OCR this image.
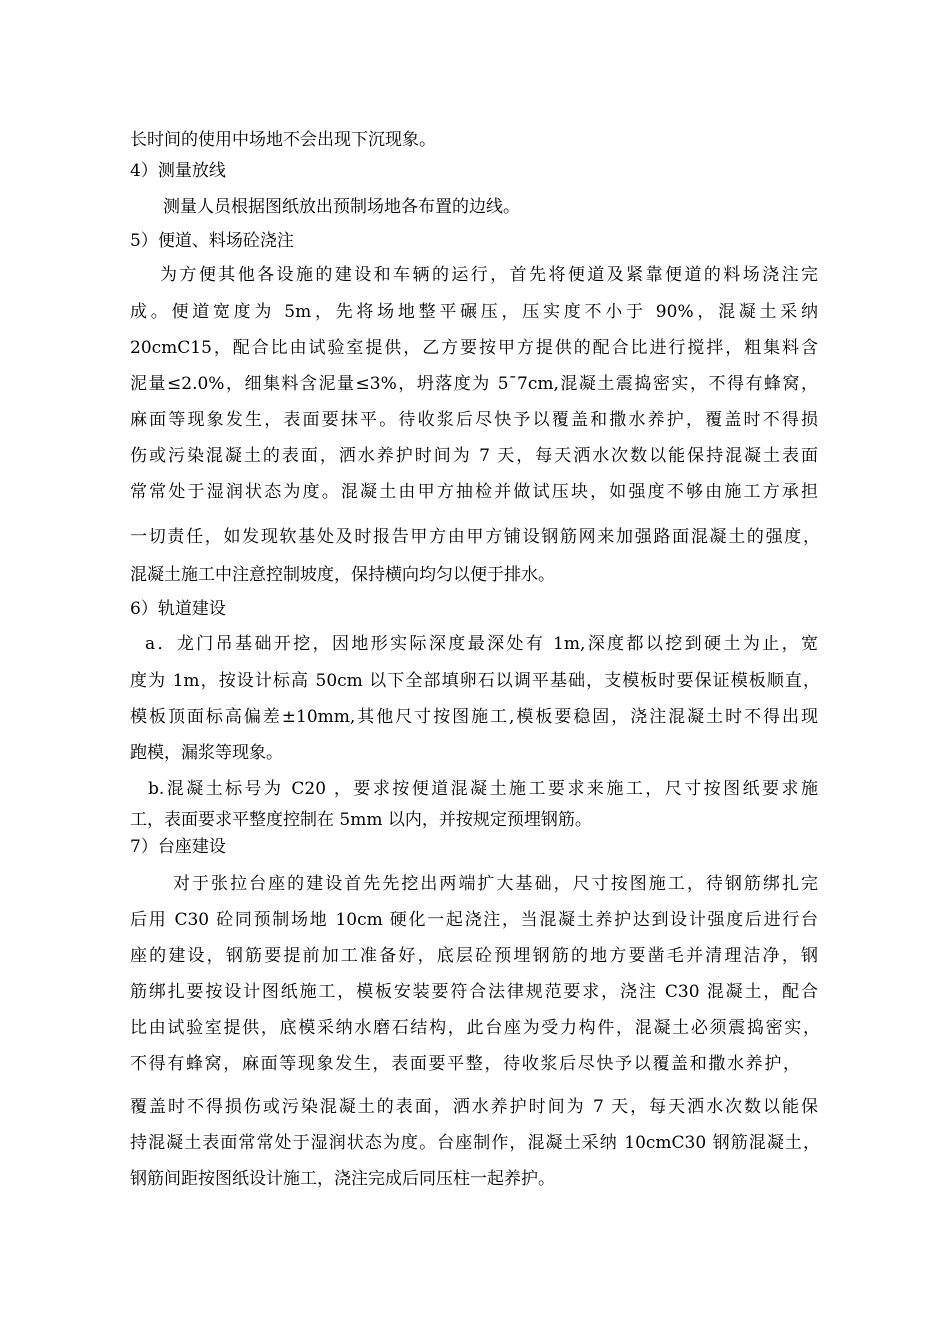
长时间的使用中场地不会出现下沉现象。
4）测量放线
测量人员根据图纸放出预制场地各布置的边线。
5）便道、料场砼浇注
为方便其他各设施的建设和车辆的运行，首先将便道及紧靠便道的料场浇注完
成。便道宽度为 5m，先将场地整平碾压，压实度不小于 90%，混凝土采纳
20cmC15，配合比由试验室提供，乙方要按甲方提供的配合比进行搅拌，粗集料含
泥量≤2.0%，细集料含泥量≤3%，坍落度为 5¯7cm,混凝土震捣密实，不得有蜂窝，
麻面等现象发生，表面要抹平。待收浆后尽快予以覆盖和撒水养护，覆盖时不得损
伤或污染混凝土的表面，洒水养护时间为 7 天，每天洒水次数以能保持混凝土表面
常常处于湿润状态为度。混凝土由甲方抽检并做试压块，如强度不够由施工方承担
一切责任，如发现软基处及时报告甲方由甲方铺设钢筋网来加强路面混凝土的强度，
混凝土施工中注意控制坡度，保持横向均匀以便于排水。
6）轨道建设
a．龙门吊基础开挖，因地形实际深度最深处有 1m,深度都以挖到硬土为止，宽
度为 1m，按设计标高 50cm 以下全部填卵石以调平基础，支模板时要保证模板顺直，
模板顶面标高偏差±10mm,其他尺寸按图施工,模板要稳固，浇注混凝土时不得出现
跑模，漏浆等现象。
b.混凝土标号为 C20 ，要求按便道混凝土施工要求来施工，尺寸按图纸要求施
工，表面要求平整度控制在 5mm 以内，并按规定预埋钢筋。
7）台座建设
对于张拉台座的建设首先先挖出两端扩大基础，尺寸按图施工，待钢筋绑扎完
后用 C30 砼同预制场地 10cm 硬化一起浇注，当混凝土养护达到设计强度后进行台
座的建设，钢筋要提前加工准备好，底层砼预埋钢筋的地方要凿毛并清理洁净，钢
筋绑扎要按设计图纸施工，模板安装要符合法律规范要求，浇注 C30 混凝土，配合
比由试验室提供，底模采纳水磨石结构，此台座为受力构件，混凝土必须震捣密实，
不得有蜂窝，麻面等现象发生，表面要平整，待收浆后尽快予以覆盖和撒水养护，
覆盖时不得损伤或污染混凝土的表面，洒水养护时间为 7 天，每天洒水次数以能保
持混凝土表面常常处于湿润状态为度。台座制作，混凝土采纳 10cmC30 钢筋混凝土，
钢筋间距按图纸设计施工，浇注完成后同压柱一起养护。
